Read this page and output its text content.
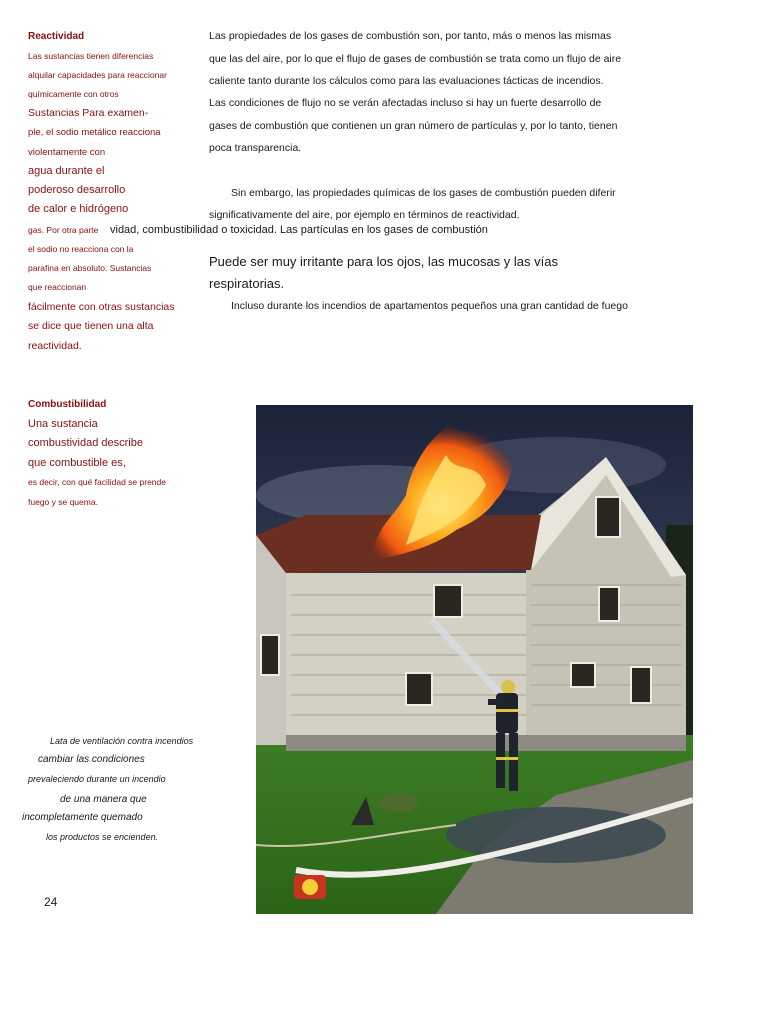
Reactividad
Las sustancias tienen diferencias
alquilar capacidades para reaccionar
químicamente con otros
Sustancias Para examen-
ple, el sodio metálico reacciona
violentamente con
agua durante el
poderoso desarrollo
de calor e hidrógeno
gas. Por otra parte
el sodio no reacciona con la
parafina en absoluto. Sustancias
que reaccionan
fácilmente con otras sustancias
se dice que tienen una alta
reactividad.
Combustibilidad
Una sustancia
combustividad describe
que combustible es,
es decir, con qué facilidad se prende
fuego y se quema.
Lata de ventilación contra incendios
cambiar las condiciones
prevaleciendo durante un incendio
de una manera que
incompletamente quemado
los productos se encienden.
24
Las propiedades de los gases de combustión son, por tanto, más o menos las mismas
que las del aire, por lo que el flujo de gases de combustión se trata como un flujo de aire
caliente tanto durante los cálculos como para las evaluaciones tácticas de incendios.
Las condiciones de flujo no se verán afectadas incluso si hay un fuerte desarrollo de
gases de combustión que contienen un gran número de partículas y, por lo tanto, tienen
poca transparencia.
Sin embargo, las propiedades químicas de los gases de combustión pueden diferir
significativamente del aire, por ejemplo en términos de reactividad.
vidad, combustibilidad o toxicidad. Las partículas en los gases de combustión
Puede ser muy irritante para los ojos, las mucosas y las vías
respiratorias.
Incluso durante los incendios de apartamentos pequeños una gran cantidad de fuego
